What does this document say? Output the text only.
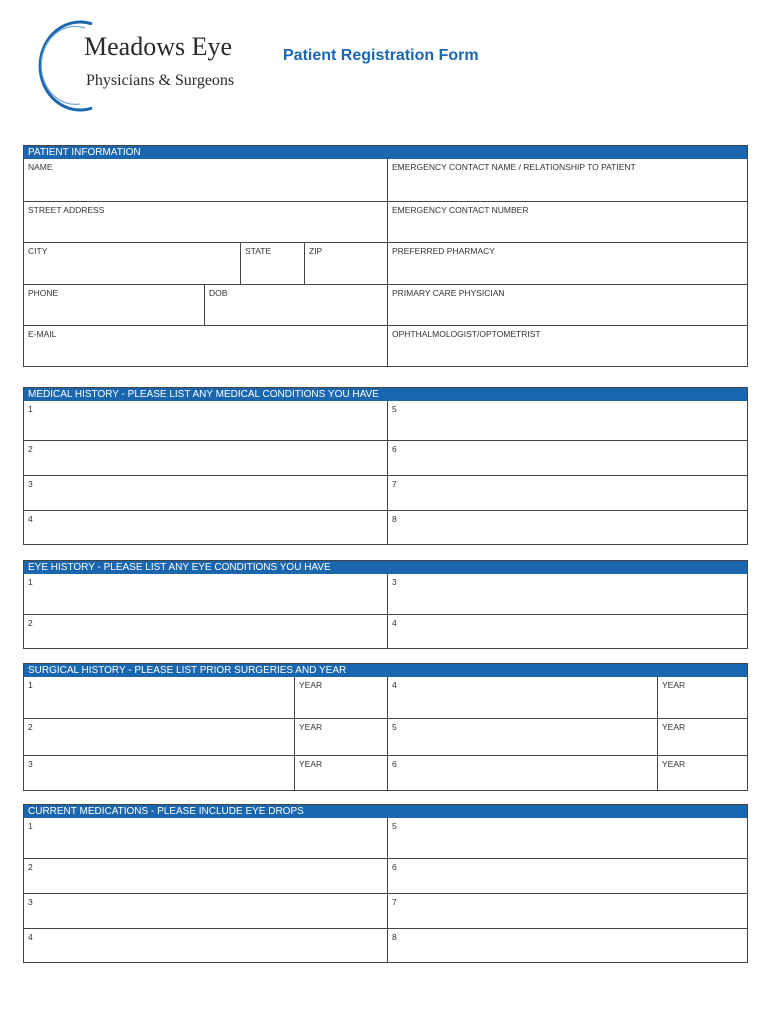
Meadows Eye
Physicians & Surgeons
Patient Registration Form
PATIENT INFORMATION
NAME	EMERGENCY CONTACT NAME / RELATIONSHIP TO PATIENT
STREET ADDRESS	EMERGENCY CONTACT NUMBER
CITY	STATE	ZIP	PREFERRED PHARMACY
PHONE	DOB	PRIMARY CARE PHYSICIAN
E-MAIL	OPHTHALMOLOGIST/OPTOMETRIST
MEDICAL HISTORY - PLEASE LIST ANY MEDICAL CONDITIONS YOU HAVE
1	5
2	6
3	7
4	8
EYE HISTORY - PLEASE LIST ANY EYE CONDITIONS YOU HAVE
1	3
2	4
SURGICAL HISTORY - PLEASE LIST PRIOR SURGERIES AND YEAR
1	YEAR	4	YEAR
2	YEAR	5	YEAR
3	YEAR	6	YEAR
CURRENT MEDICATIONS - PLEASE INCLUDE EYE DROPS
1	5
2	6
3	7
4	8
